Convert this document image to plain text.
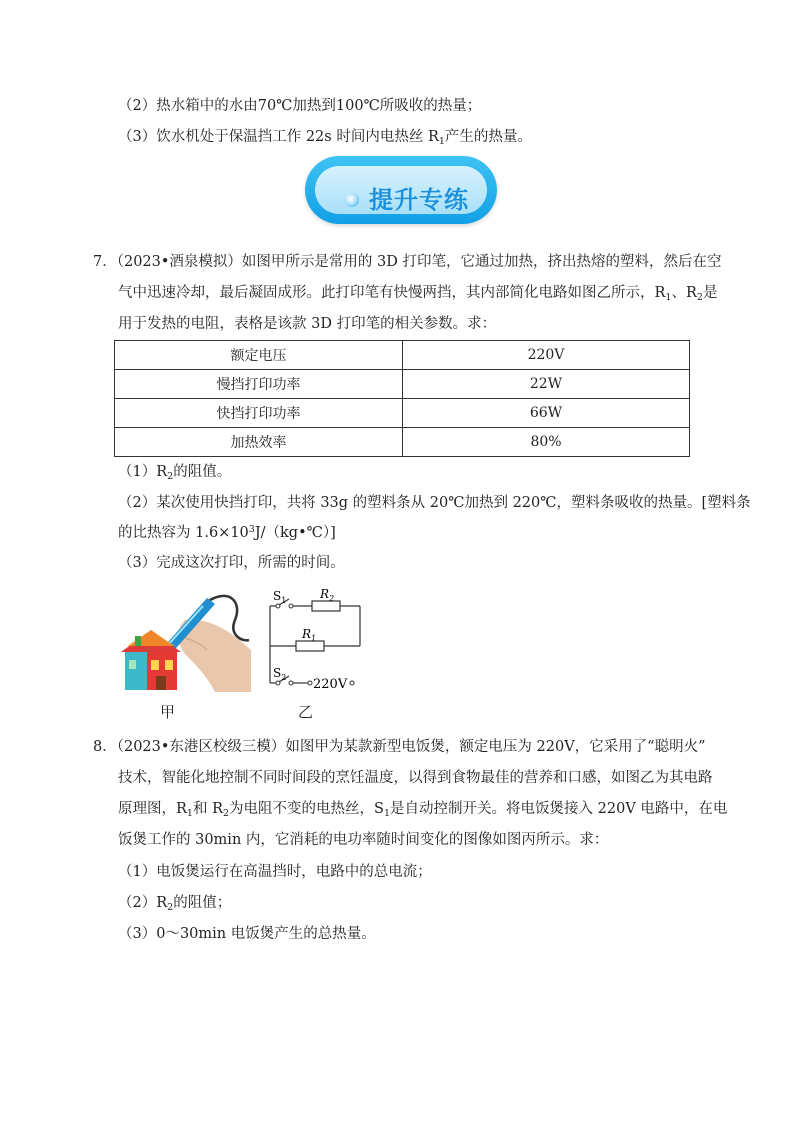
（2）热水箱中的水由70℃加热到100℃所吸收的热量；
（3）饮水机处于保温挡工作 22s 时间内电热丝 $R_1$产生的热量。
提升专练
7．（2023•酒泉模拟）如图甲所示是常用的 3D 打印笔，它通过加热，挤出热熔的塑料，然后在空
气中迅速冷却，最后凝固成形。此打印笔有快慢两挡，其内部简化电路如图乙所示，$R_1$、$R_2$是
用于发热的电阻，表格是该款 3D 打印笔的相关参数。求：
额定电压	220V
慢挡打印功率	22W
快挡打印功率	66W
加热效率	80%
$(1)R_2$的阻值。
（2）某次使用快挡打印，共将 33g 的塑料条从 20℃加热到 220℃，塑料条吸收的热量。[塑料条
的比热容为 $1.6\times 10^3J/(kg•℃)$]
（3）完成这次打印，所需的时间。
$S_1$	$R_2$
$R_1$
$S_2$ 220V
甲	乙
8．（2023•东港区校级三模）如图甲为某款新型电饭煲，额定电压为 220V，它采用了“聪明火”
技术，智能化地控制不同时间段的烹饪温度，以得到食物最佳的营养和口感，如图乙为其电路
原理图，$R_1$和 $R_2$为电阻不变的电热丝，$S_1$是自动控制开关。将电饭煲接入 220V 电路中，在电
饭煲工作的 30min 内，它消耗的电功率随时间变化的图像如图丙所示。求：
（1）电饭煲运行在高温挡时，电路中的总电流；
$(2)R_2$的阻值；
（3）0～30min 电饭煲产生的总热量。
